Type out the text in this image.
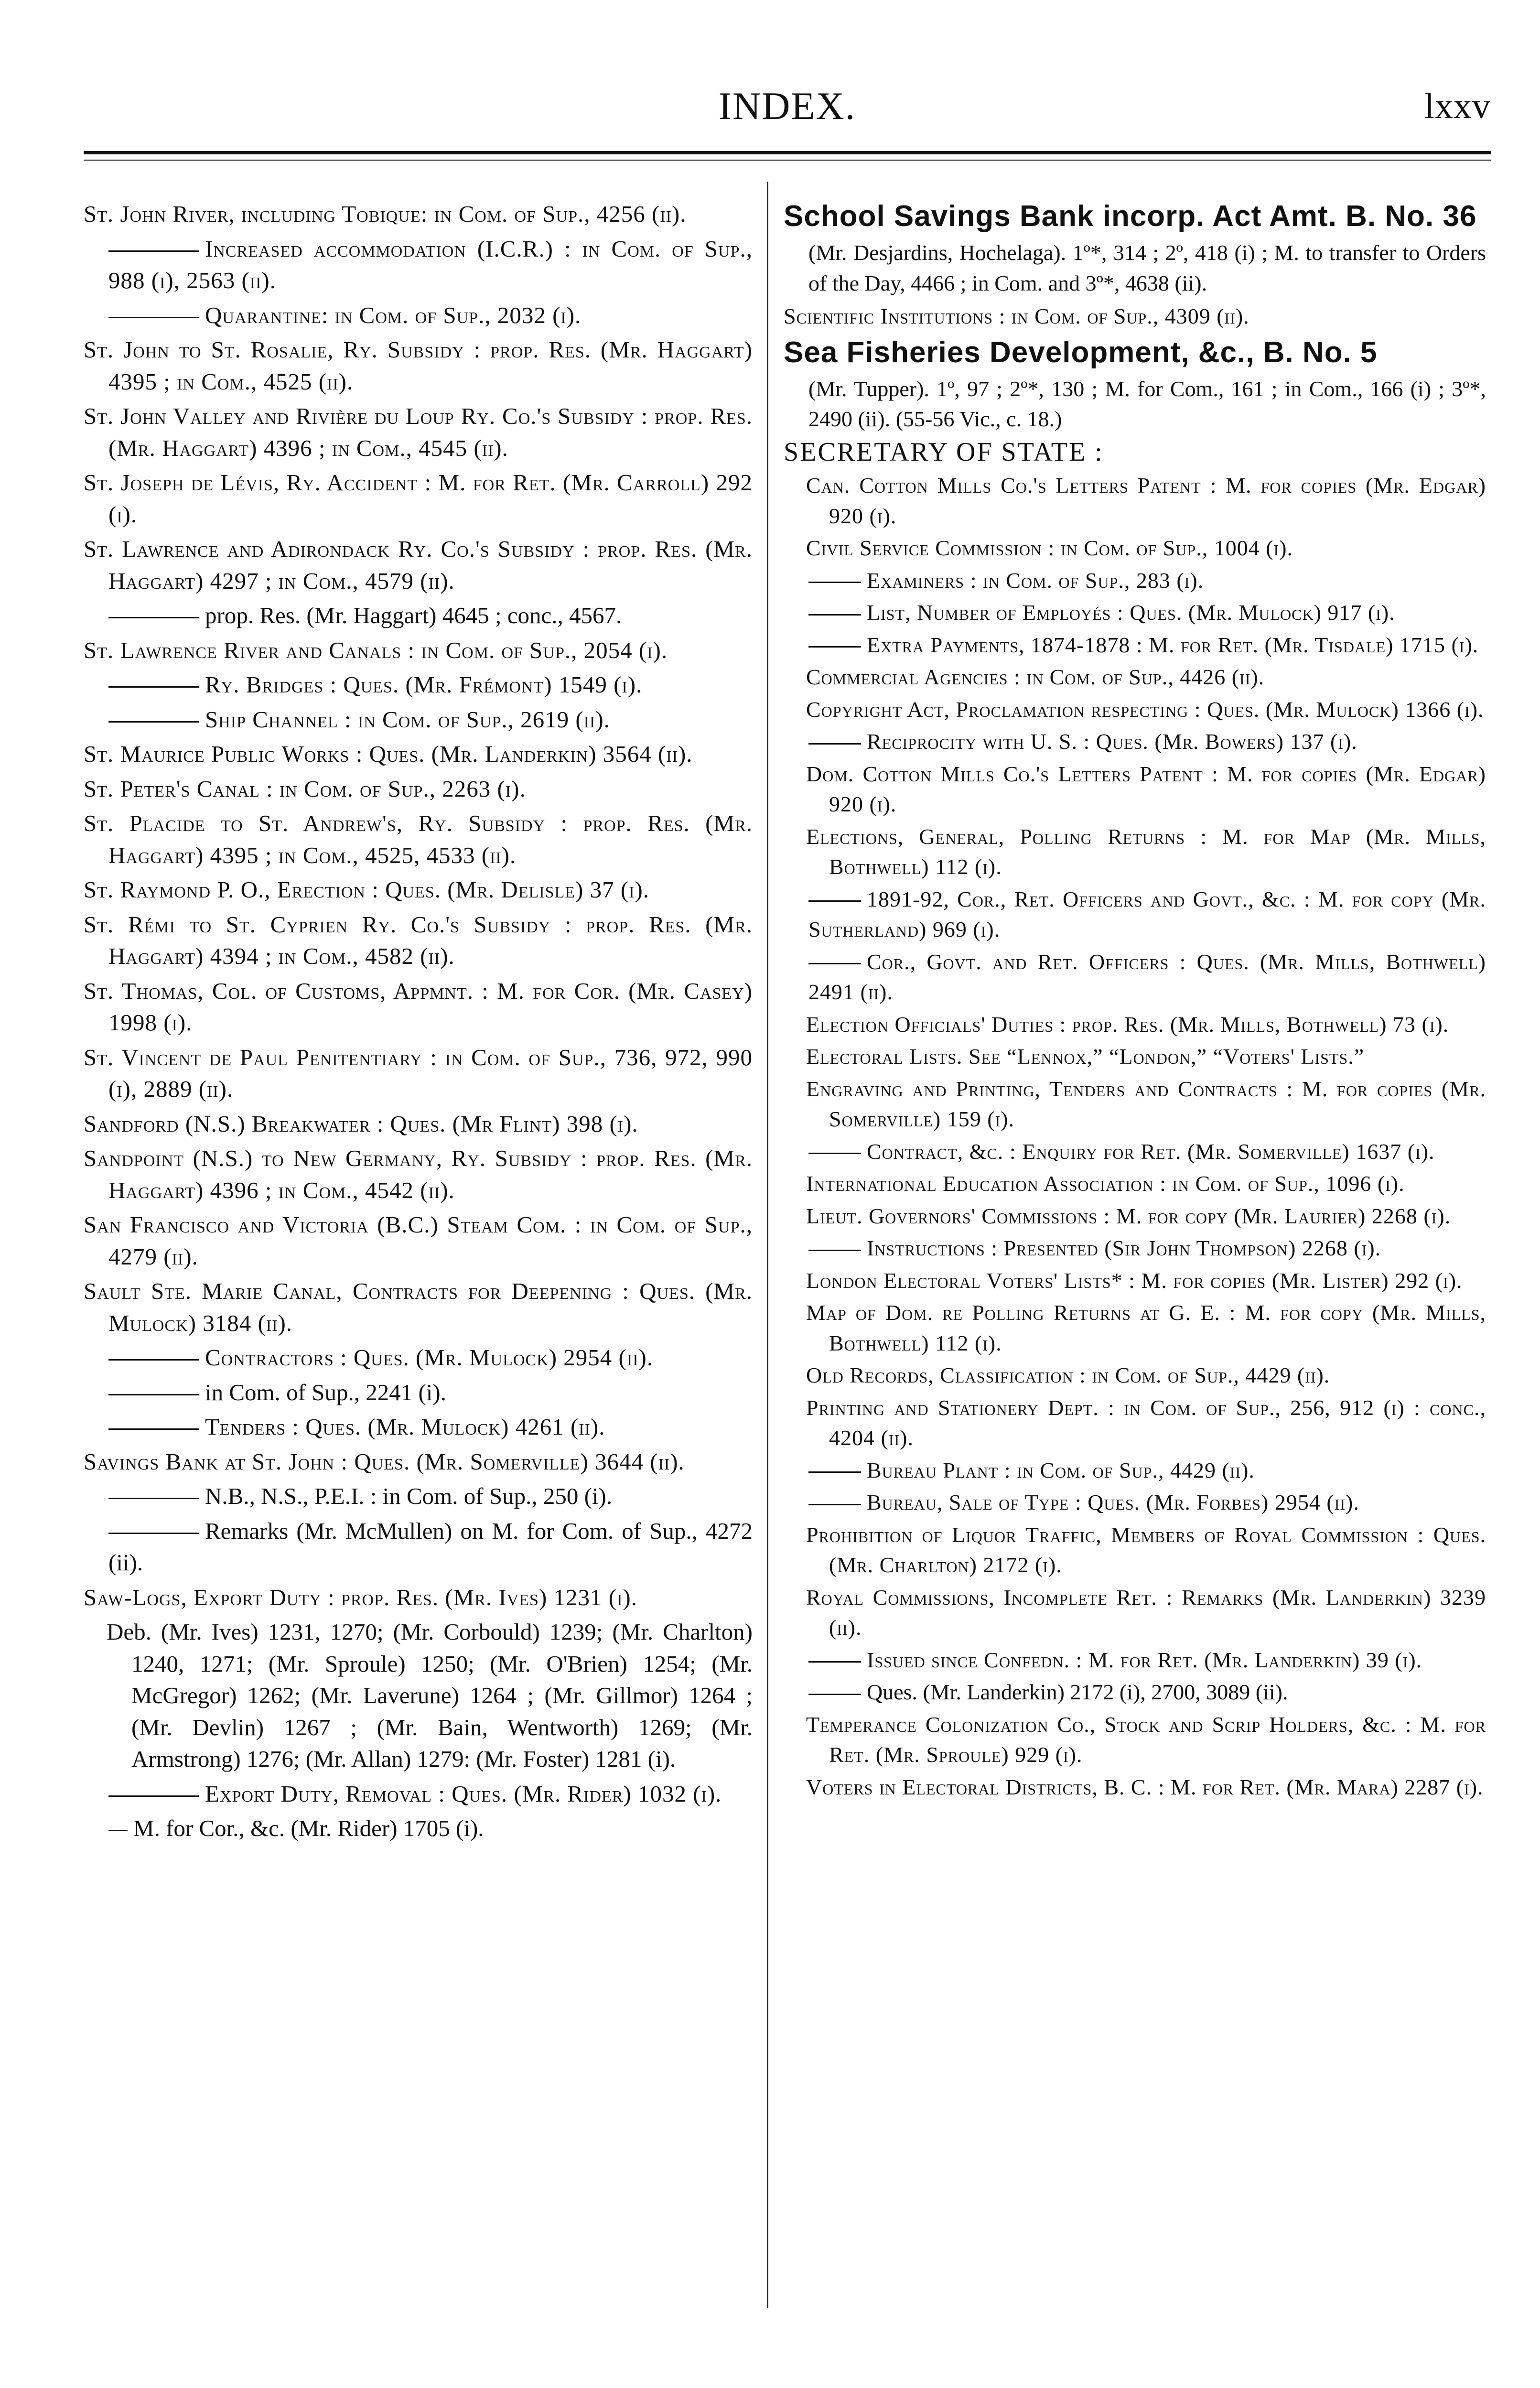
INDEX.	lxxv
St. John River, including Tobique: in Com. of Sup., 4256 (ii).
Increased accommodation (I.C.R.) : in Com. of Sup., 988 (i), 2563 (ii).
Quarantine: in Com. of Sup., 2032 (i).
St. John to St. Rosalie, Ry. Subsidy : prop. Res. (Mr. Haggart) 4395 ; in Com., 4525 (ii).
St. John Valley and Rivière du Loup Ry. Co.'s Subsidy : prop. Res. (Mr. Haggart) 4396 ; in Com., 4545 (ii).
St. Joseph de Lévis, Ry. Accident : M. for Ret. (Mr. Carroll) 292 (i).
St. Lawrence and Adirondack Ry. Co.'s Subsidy : prop. Res. (Mr. Haggart) 4297 ; in Com., 4579 (ii).
prop. Res. (Mr. Haggart) 4645 ; conc., 4567.
St. Lawrence River and Canals : in Com. of Sup., 2054 (i).
Ry. Bridges : Ques. (Mr. Frémont) 1549 (i).
Ship Channel : in Com. of Sup., 2619 (ii).
St. Maurice Public Works : Ques. (Mr. Landerkin) 3564 (ii).
St. Peter's Canal : in Com. of Sup., 2263 (i).
St. Placide to St. Andrew's, Ry. Subsidy : prop. Res. (Mr. Haggart) 4395 ; in Com., 4525, 4533 (ii).
St. Raymond P. O., Erection : Ques. (Mr. Delisle) 37 (i).
St. Rémi to St. Cyprien Ry. Co.'s Subsidy : prop. Res. (Mr. Haggart) 4394 ; in Com., 4582 (ii).
St. Thomas, Col. of Customs, Appmnt. : M. for Cor. (Mr. Casey) 1998 (i).
St. Vincent de Paul Penitentiary : in Com. of Sup., 736, 972, 990 (i), 2889 (ii).
Sandford (N.S.) Breakwater : Ques. (Mr Flint) 398 (i).
Sandpoint (N.S.) to New Germany, Ry. Subsidy : prop. Res. (Mr. Haggart) 4396 ; in Com., 4542 (ii).
San Francisco and Victoria (B.C.) Steam Com. : in Com. of Sup., 4279 (ii).
Sault Ste. Marie Canal, Contracts for Deepening : Ques. (Mr. Mulock) 3184 (ii).
Contractors : Ques. (Mr. Mulock) 2954 (ii).
in Com. of Sup., 2241 (i).
Tenders : Ques. (Mr. Mulock) 4261 (ii).
Savings Bank at St. John : Ques. (Mr. Somerville) 3644 (ii).
N.B., N.S., P.E.I. : in Com. of Sup., 250 (i).
Remarks (Mr. McMullen) on M. for Com. of Sup., 4272 (ii).
Saw-Logs, Export Duty : prop. Res. (Mr. Ives) 1231 (i).
Deb. (Mr. Ives) 1231, 1270; (Mr. Corbould) 1239; (Mr. Charlton) 1240, 1271; (Mr. Sproule) 1250; (Mr. O'Brien) 1254; (Mr. McGregor) 1262; (Mr. Laverune) 1264 ; (Mr. Gillmor) 1264 ; (Mr. Devlin) 1267 ; (Mr. Bain, Wentworth) 1269; (Mr. Armstrong) 1276; (Mr. Allan) 1279: (Mr. Foster) 1281 (i).
Export Duty, Removal : Ques. (Mr. Rider) 1032 (i).
M. for Cor., &c. (Mr. Rider) 1705 (i).
School Savings Bank incorp. Act Amt. B. No. 36
(Mr. Desjardins, Hochelaga). 1º*, 314 ; 2º, 418 (i) ; M. to transfer to Orders of the Day, 4466 ; in Com. and 3º*, 4638 (ii).
Scientific Institutions : in Com. of Sup., 4309 (ii).
Sea Fisheries Development, &c., B. No. 5
(Mr. Tupper). 1º, 97 ; 2º*, 130 ; M. for Com., 161 ; in Com., 166 (i) ; 3º*, 2490 (ii). (55-56 Vic., c. 18.)
SECRETARY OF STATE :
Can. Cotton Mills Co.'s Letters Patent : M. for copies (Mr. Edgar) 920 (i).
Civil Service Commission : in Com. of Sup., 1004 (i).
Examiners : in Com. of Sup., 283 (i).
List, Number of Employés : Ques. (Mr. Mulock) 917 (i).
Extra Payments, 1874-1878 : M. for Ret. (Mr. Tisdale) 1715 (i).
Commercial Agencies : in Com. of Sup., 4426 (ii).
Copyright Act, Proclamation respecting : Ques. (Mr. Mulock) 1366 (i).
Reciprocity with U. S. : Ques. (Mr. Bowers) 137 (i).
Dom. Cotton Mills Co.'s Letters Patent : M. for copies (Mr. Edgar) 920 (i).
Elections, General, Polling Returns : M. for Map (Mr. Mills, Bothwell) 112 (i).
1891-92, Cor., Ret. Officers and Govt., &c. : M. for copy (Mr. Sutherland) 969 (i).
Cor., Govt. and Ret. Officers : Ques. (Mr. Mills, Bothwell) 2491 (ii).
Election Officials' Duties : prop. Res. (Mr. Mills, Bothwell) 73 (i).
Electoral Lists. See “Lennox,” “London,” “Voters' Lists.”
Engraving and Printing, Tenders and Contracts : M. for copies (Mr. Somerville) 159 (i).
Contract, &c. : Enquiry for Ret. (Mr. Somerville) 1637 (i).
International Education Association : in Com. of Sup., 1096 (i).
Lieut. Governors' Commissions : M. for copy (Mr. Laurier) 2268 (i).
Instructions : Presented (Sir John Thompson) 2268 (i).
London Electoral Voters' Lists* : M. for copies (Mr. Lister) 292 (i).
Map of Dom. re Polling Returns at G. E. : M. for copy (Mr. Mills, Bothwell) 112 (i).
Old Records, Classification : in Com. of Sup., 4429 (ii).
Printing and Stationery Dept. : in Com. of Sup., 256, 912 (i) : conc., 4204 (ii).
Bureau Plant : in Com. of Sup., 4429 (ii).
Bureau, Sale of Type : Ques. (Mr. Forbes) 2954 (ii).
Prohibition of Liquor Traffic, Members of Royal Commission : Ques. (Mr. Charlton) 2172 (i).
Royal Commissions, Incomplete Ret. : Remarks (Mr. Landerkin) 3239 (ii).
Issued since Confedn. : M. for Ret. (Mr. Landerkin) 39 (i).
Ques. (Mr. Landerkin) 2172 (i), 2700, 3089 (ii).
Temperance Colonization Co., Stock and Scrip Holders, &c. : M. for Ret. (Mr. Sproule) 929 (i).
Voters in Electoral Districts, B. C. : M. for Ret. (Mr. Mara) 2287 (i).
